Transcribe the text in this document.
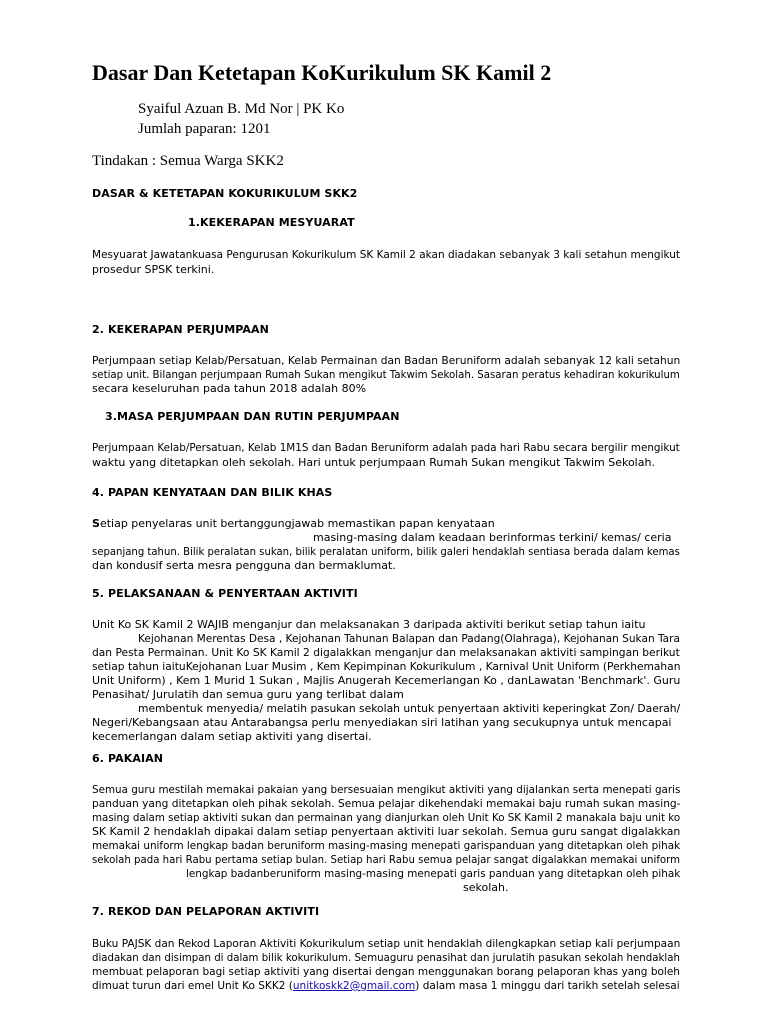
Dasar Dan Ketetapan KoKurikulum SK Kamil 2
Syaiful Azuan B. Md Nor | PK Ko
Jumlah paparan: 1201
Tindakan : Semua Warga SKK2
DASAR & KETETAPAN KOKURIKULUM SKK2
1.KEKERAPAN MESYUARAT
Mesyuarat Jawatankuasa Pengurusan Kokurikulum SK Kamil 2 akan diadakan sebanyak 3 kali setahun mengikut
prosedur SPSK terkini.
2. KEKERAPAN PERJUMPAAN
Perjumpaan setiap Kelab/Persatuan, Kelab Permainan dan Badan Beruniform adalah sebanyak 12 kali setahun
setiap unit. Bilangan perjumpaan Rumah Sukan mengikut Takwim Sekolah. Sasaran peratus kehadiran kokurikulum
secara keseluruhan pada tahun 2018 adalah 80%
3.MASA PERJUMPAAN DAN RUTIN PERJUMPAAN
Perjumpaan Kelab/Persatuan, Kelab 1M1S dan Badan Beruniform adalah pada hari Rabu secara bergilir mengikut
waktu yang ditetapkan oleh sekolah. Hari untuk perjumpaan Rumah Sukan mengikut Takwim Sekolah.
4. PAPAN KENYATAAN DAN BILIK KHAS
Setiap penyelaras unit bertanggungjawab memastikan papan kenyataan
masing-masing dalam keadaan berinformas terkini/ kemas/ ceria
sepanjang tahun. Bilik peralatan sukan, bilik peralatan uniform, bilik galeri hendaklah sentiasa berada dalam kemas
dan kondusif serta mesra pengguna dan bermaklumat.
5. PELAKSANAAN & PENYERTAAN AKTIVITI
Unit Ko SK Kamil 2 WAJIB menganjur dan melaksanakan 3 daripada aktiviti berikut setiap tahun iaitu
Kejohanan Merentas Desa , Kejohanan Tahunan Balapan dan Padang(Olahraga), Kejohanan Sukan Tara
dan Pesta Permainan. Unit Ko SK Kamil 2 digalakkan menganjur dan melaksanakan aktiviti sampingan berikut
setiap tahun iaituKejohanan Luar Musim , Kem Kepimpinan Kokurikulum , Karnival Unit Uniform (Perkhemahan
Unit Uniform) , Kem 1 Murid 1 Sukan , Majlis Anugerah Kecemerlangan Ko , danLawatan 'Benchmark'. Guru
Penasihat/ Jurulatih dan semua guru yang terlibat dalam
membentuk menyedia/ melatih pasukan sekolah untuk penyertaan aktiviti keperingkat Zon/ Daerah/
Negeri/Kebangsaan atau Antarabangsa perlu menyediakan siri latihan yang secukupnya untuk mencapai
kecemerlangan dalam setiap aktiviti yang disertai.
6. PAKAIAN
Semua guru mestilah memakai pakaian yang bersesuaian mengikut aktiviti yang dijalankan serta menepati garis
panduan yang ditetapkan oleh pihak sekolah. Semua pelajar dikehendaki memakai baju rumah sukan masing-
masing dalam setiap aktiviti sukan dan permainan yang dianjurkan oleh Unit Ko SK Kamil 2 manakala baju unit ko
SK Kamil 2 hendaklah dipakai dalam setiap penyertaan aktiviti luar sekolah. Semua guru sangat digalakkan
memakai uniform lengkap badan beruniform masing-masing menepati garispanduan yang ditetapkan oleh pihak
sekolah pada hari Rabu pertama setiap bulan. Setiap hari Rabu semua pelajar sangat digalakkan memakai uniform
lengkap badanberuniform masing-masing menepati garis panduan yang ditetapkan oleh pihak
sekolah.
7. REKOD DAN PELAPORAN AKTIVITI
Buku PAJSK dan Rekod Laporan Aktiviti Kokurikulum setiap unit hendaklah dilengkapkan setiap kali perjumpaan
diadakan dan disimpan di dalam bilik kokurikulum. Semuaguru penasihat dan jurulatih pasukan sekolah hendaklah
membuat pelaporan bagi setiap aktiviti yang disertai dengan menggunakan borang pelaporan khas yang boleh
dimuat turun dari emel Unit Ko SKK2 (unitkoskk2@gmail.com) dalam masa 1 minggu dari tarikh setelah selesai
